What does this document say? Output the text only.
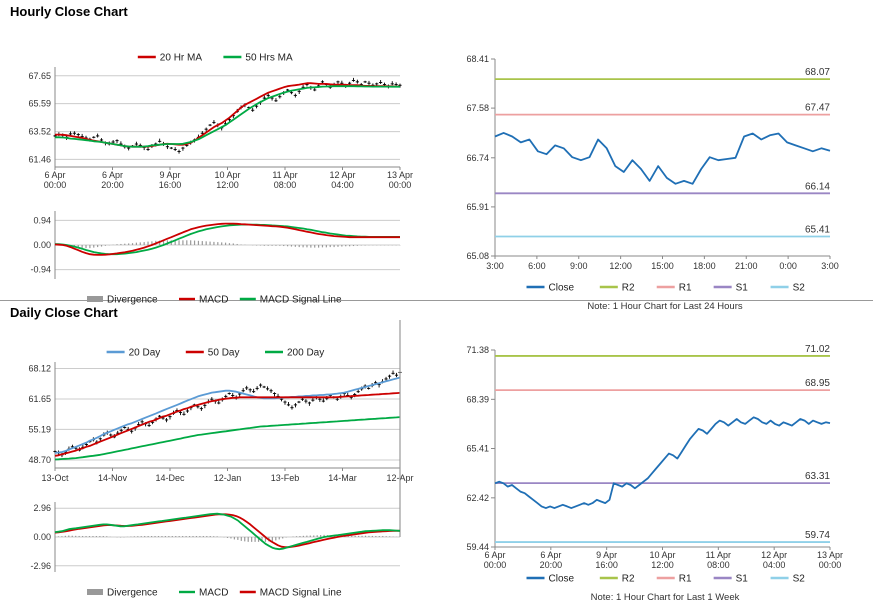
Hourly Close Chart
20 Hr MA	50 Hrs MA
61.46
63.52
65.59
67.65
6 Apr
00:00
6 Apr
20:00
9 Apr
16:00
10 Apr
12:00
11 Apr
08:00
12 Apr
04:00
13 Apr
00:00
-0.94
0.00
0.94
Divergence	MACD	MACD Signal Line
65.08
65.91
66.74
67.58
68.41
68.07
67.47
66.14
65.41
3:00	6:00	9:00 12:00 15:00 18:00 21:00 0:00	3:00
Close	R2	R1	S1	S2
Note: 1 Hour Chart for Last 24 Hours
Daily Close Chart
20 Day	50 Day	200 Day
48.70
55.19
61.65
68.12
13-Oct	14-Nov	14-Dec	12-Jan	13-Feb	14-Mar	12-Apr
-2.96
0.00
2.96
Divergence	MACD	MACD Signal Line
59.44
62.42
65.41
68.39
71.38	71.02
68.95
63.31
59.74
6 Apr
00:00
6 Apr
20:00
9 Apr
16:00
10 Apr
12:00
11 Apr
08:00
12 Apr
04:00
13 Apr
00:00
Close	R2	R1	S1	S2
Note: 1 Hour Chart for Last 1 Week
